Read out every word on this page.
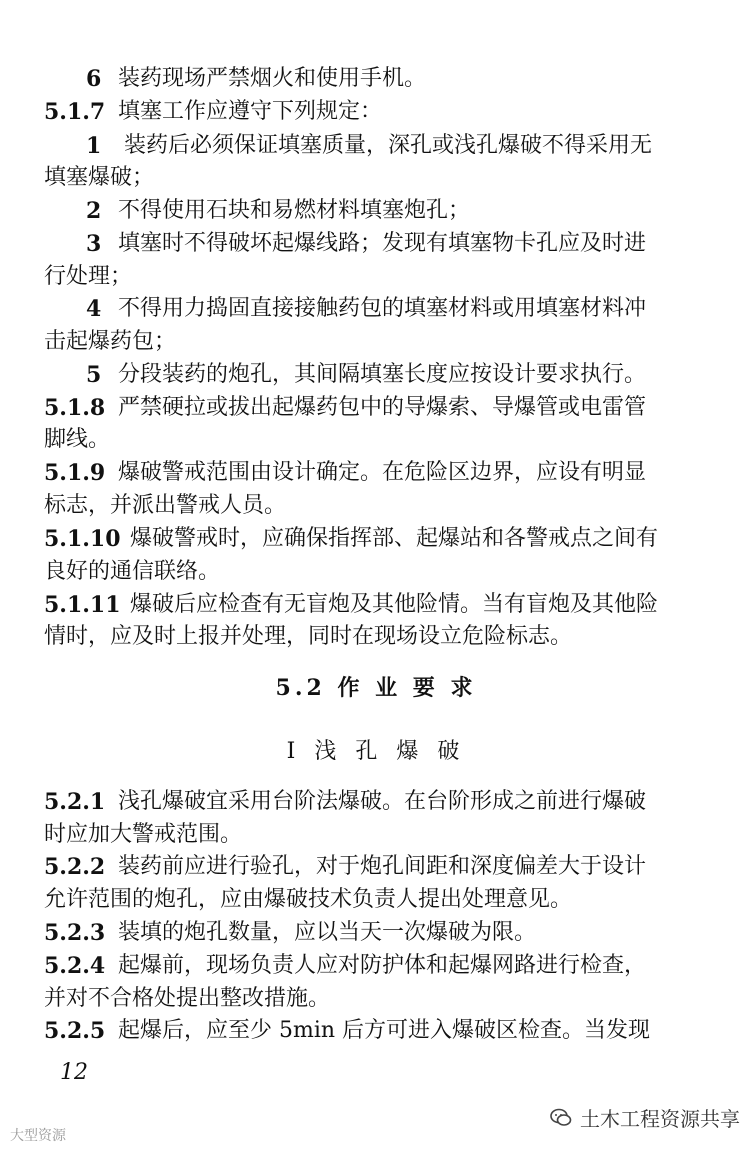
6 装药现场严禁烟火和使用手机。
5.1.7 填塞工作应遵守下列规定：
1 装药后必须保证填塞质量，深孔或浅孔爆破不得采用无
填塞爆破；
2 不得使用石块和易燃材料填塞炮孔；
3 填塞时不得破坏起爆线路；发现有填塞物卡孔应及时进
行处理；
4 不得用力捣固直接接触药包的填塞材料或用填塞材料冲
击起爆药包；
5 分段装药的炮孔，其间隔填塞长度应按设计要求执行。
5.1.8 严禁硬拉或拔出起爆药包中的导爆索、导爆管或电雷管
脚线。
5.1.9 爆破警戒范围由设计确定。在危险区边界，应设有明显
标志，并派出警戒人员。
5.1.10 爆破警戒时，应确保指挥部、起爆站和各警戒点之间有
良好的通信联络。
5.1.11 爆破后应检查有无盲炮及其他险情。当有盲炮及其他险
情时，应及时上报并处理，同时在现场设立危险标志。
5.2 作 业 要 求
I 浅 孔 爆 破
5.2.1 浅孔爆破宜采用台阶法爆破。在台阶形成之前进行爆破
时应加大警戒范围。
5.2.2 装药前应进行验孔，对于炮孔间距和深度偏差大于设计
允许范围的炮孔，应由爆破技术负责人提出处理意见。
5.2.3 装填的炮孔数量，应以当天一次爆破为限。
5.2.4 起爆前，现场负责人应对防护体和起爆网路进行检查，
并对不合格处提出整改措施。
5.2.5 起爆后，应至少 5min 后方可进入爆破区检查。当发现
12
大型资源
土木工程资源共享
